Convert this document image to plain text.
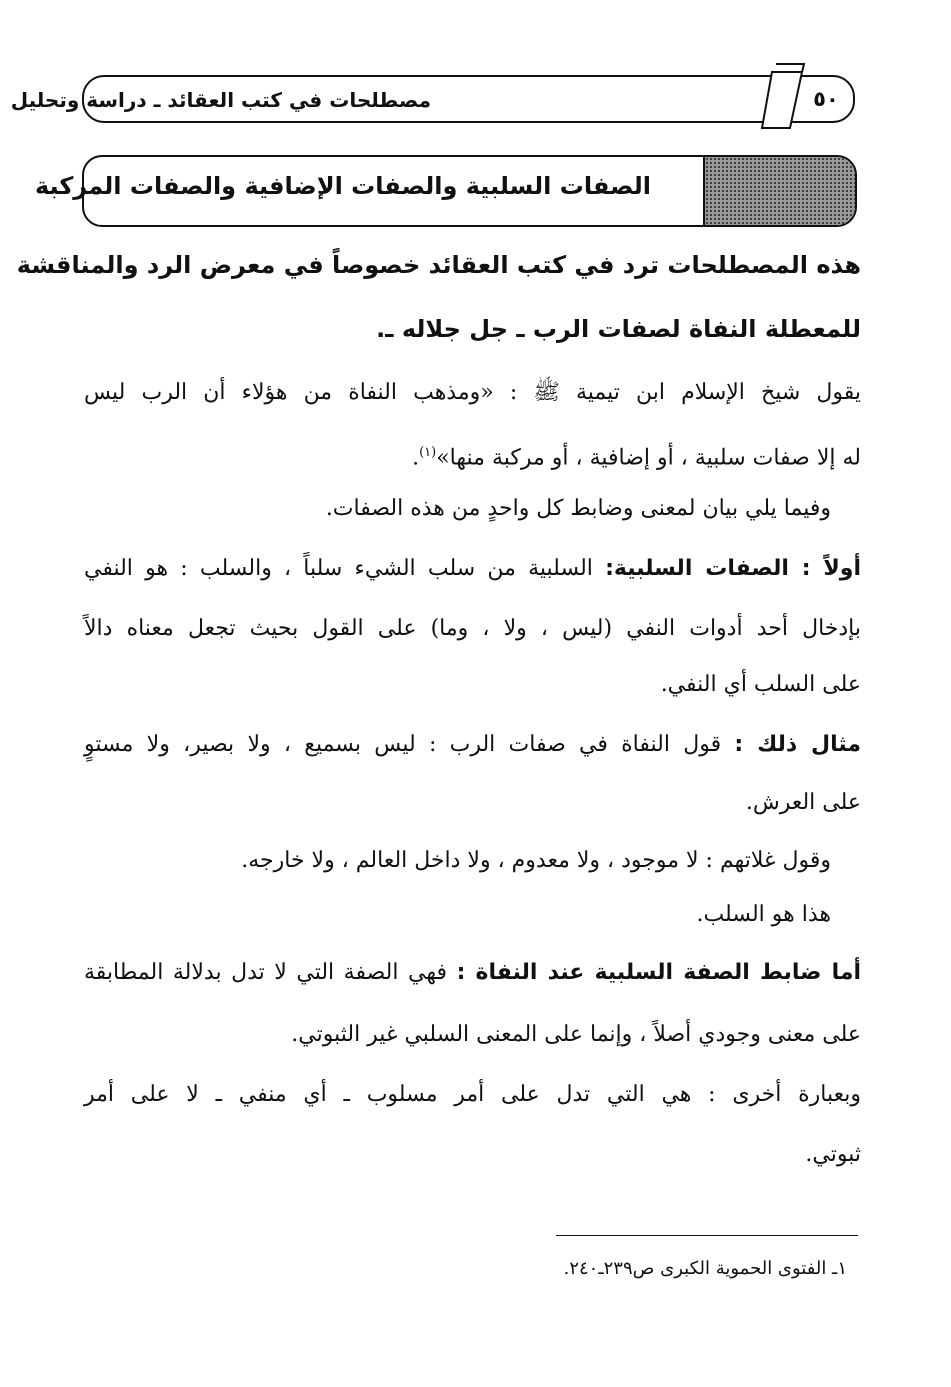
مصطلحات في كتب العقائد ـ دراسة وتحليل	٥٠
الصفات السلبية والصفات الإضافية والصفات المركبة
هذه المصطلحات ترد في كتب العقائد خصوصاً في معرض الرد والمناقشة
للمعطلة النفاة لصفات الرب ـ جل جلاله ـ.
يقول شيخ الإسلام ابن تيمية ﷺ : «ومذهب النفاة من هؤلاء أن الرب ليس
له إلا صفات سلبية ، أو إضافية ، أو مركبة منها»$^{(١)}$.
وفيما يلي بيان لمعنى وضابط كل واحدٍ من هذه الصفات.
أولاً : الصفات السلبية: السلبية من سلب الشيء سلباً ، والسلب : هو النفي
بإدخال أحد أدوات النفي (ليس ، ولا ، وما) على القول بحيث تجعل معناه دالاً
على السلب أي النفي.
مثال ذلك : قول النفاة في صفات الرب : ليس بسميع ، ولا بصير، ولا مستوٍ
على العرش.
وقول غلاتهم : لا موجود ، ولا معدوم ، ولا داخل العالم ، ولا خارجه.
هذا هو السلب.
أما ضابط الصفة السلبية عند النفاة : فهي الصفة التي لا تدل بدلالة المطابقة
على معنى وجودي أصلاً ، وإنما على المعنى السلبي غير الثبوتي.
وبعبارة أخرى : هي التي تدل على أمر مسلوب ـ أي منفي ـ لا على أمر
ثبوتي.
١ـ الفتوى الحموية الكبرى ص٢٣٩ـ٢٤٠.
